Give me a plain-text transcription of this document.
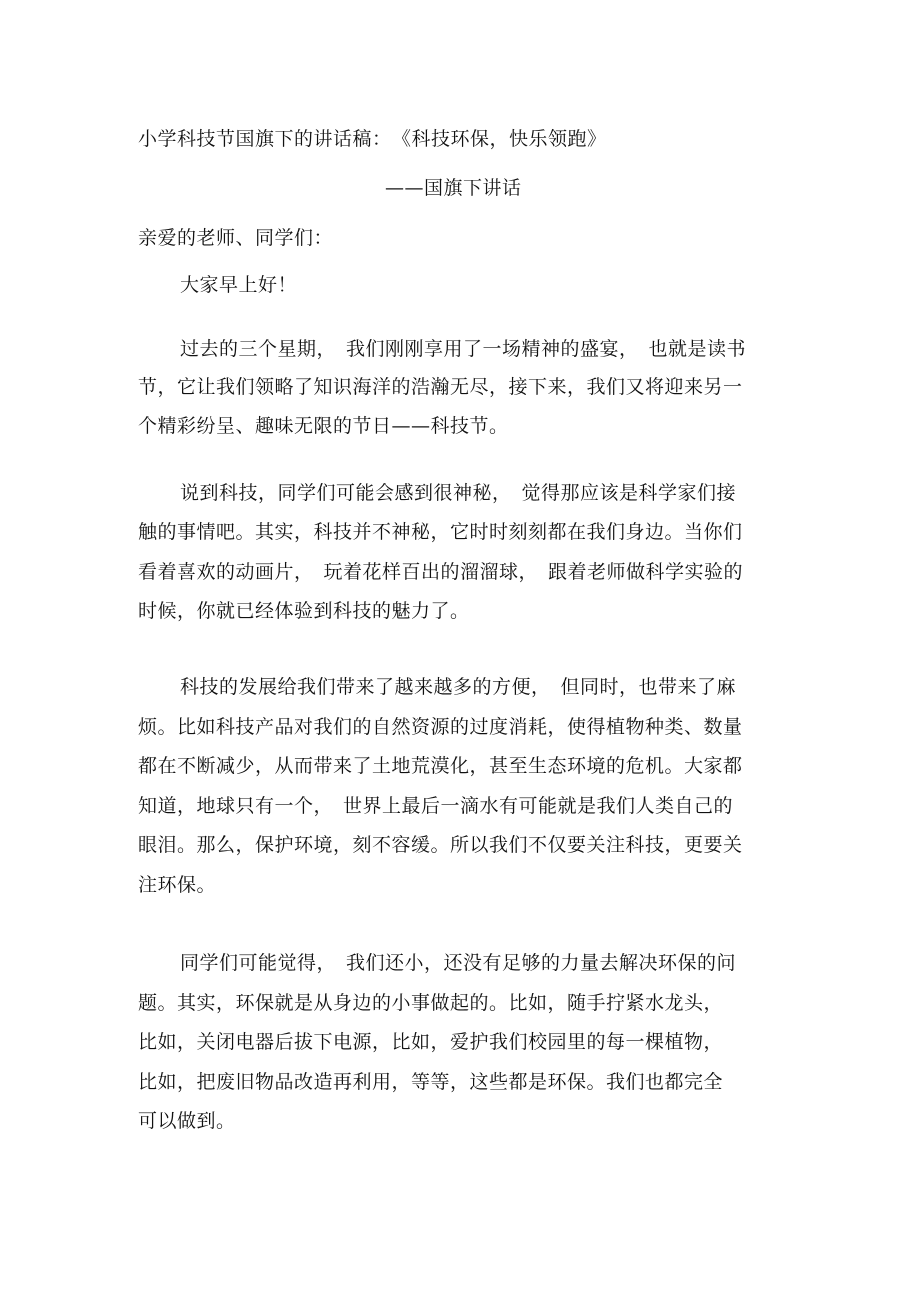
小学科技节国旗下的讲话稿：　《科技环保，快乐领跑》
——国旗下讲话
亲爱的老师、同学们：
大家早上好！
过去的三个星期，　我们刚刚享用了一场精神的盛宴，　也就是读书
节，它让我们领略了知识海洋的浩瀚无尽，接下来，我们又将迎来另一
个精彩纷呈、趣味无限的节日——科技节。
说到科技，同学们可能会感到很神秘，　觉得那应该是科学家们接
触的事情吧。其实，科技并不神秘，它时时刻刻都在我们身边。当你们
看着喜欢的动画片，　玩着花样百出的溜溜球，　跟着老师做科学实验的
时候，你就已经体验到科技的魅力了。
科技的发展给我们带来了越来越多的方便，　但同时，也带来了麻
烦。比如科技产品对我们的自然资源的过度消耗，使得植物种类、数量
都在不断减少，从而带来了土地荒漠化，甚至生态环境的危机。大家都
知道，地球只有一个，　世界上最后一滴水有可能就是我们人类自己的
眼泪。那么，保护环境，刻不容缓。所以我们不仅要关注科技，更要关
注环保。
同学们可能觉得，　我们还小，还没有足够的力量去解决环保的问
题。其实，环保就是从身边的小事做起的。比如，随手拧紧水龙头，
比如，关闭电器后拔下电源，比如，爱护我们校园里的每一棵植物，
比如，把废旧物品改造再利用，等等，这些都是环保。我们也都完全
可以做到。
